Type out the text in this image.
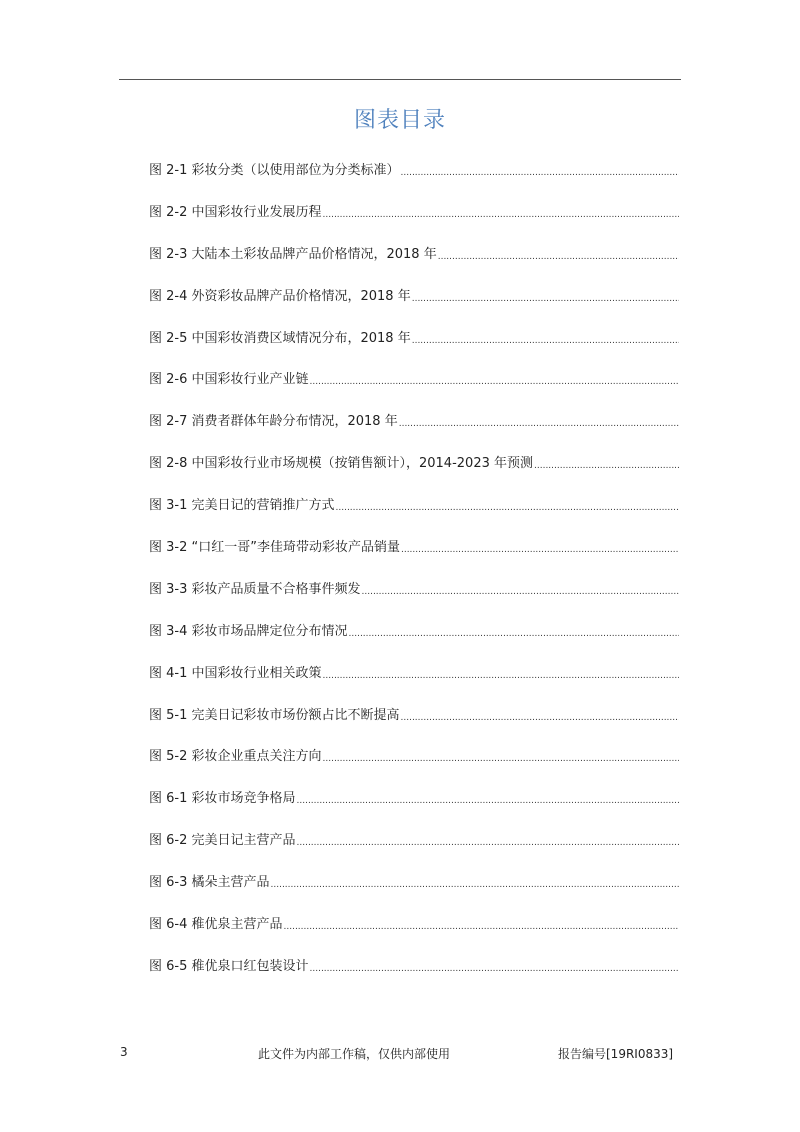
图表目录
图 2-1 彩妆分类（以使用部位为分类标准）
.....
图 2-2 中国彩妆行业发展历程
.....
图 2-3 大陆本土彩妆品牌产品价格情况，2018 年
.....
图 2-4 外资彩妆品牌产品价格情况，2018 年
.....
图 2-5 中国彩妆消费区域情况分布，2018 年
.....
图 2-6 中国彩妆行业产业链
.....
图 2-7 消费者群体年龄分布情况，2018 年
.....
图 2-8 中国彩妆行业市场规模（按销售额计），2014-2023 年预测
.....
图 3-1 完美日记的营销推广方式
.....
图 3-2 “口红一哥”李佳琦带动彩妆产品销量
.....
图 3-3 彩妆产品质量不合格事件频发
.....
图 3-4 彩妆市场品牌定位分布情况
.....
图 4-1 中国彩妆行业相关政策
.....
图 5-1 完美日记彩妆市场份额占比不断提高
.....
图 5-2 彩妆企业重点关注方向
.....
图 6-1 彩妆市场竞争格局
.....
图 6-2 完美日记主营产品
.....
图 6-3 橘朵主营产品
.....
图 6-4 稚优泉主营产品
.....
图 6-5 稚优泉口红包装设计
.....
3	此文件为内部工作稿，仅供内部使用	报告编号[19RI0833]
